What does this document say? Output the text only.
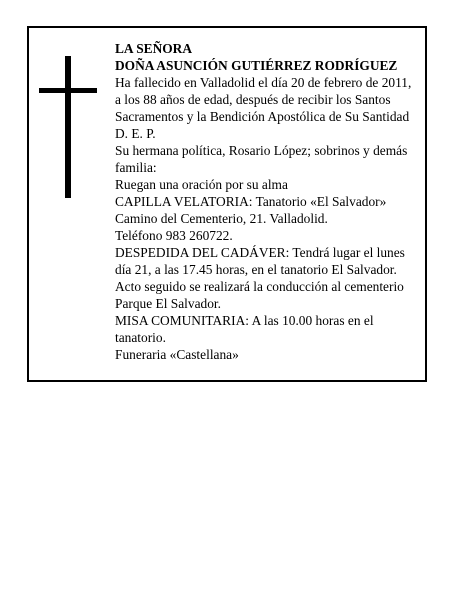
LA SEÑORA
DOÑA ASUNCIÓN GUTIÉRREZ RODRÍGUEZ
Ha fallecido en Valladolid el día 20 de febrero de 2011,
a los 88 años de edad, después de recibir los Santos
Sacramentos y la Bendición Apostólica de Su Santidad
D. E. P.
Su hermana política, Rosario López; sobrinos y demás
familia:
Ruegan una oración por su alma
CAPILLA VELATORIA: Tanatorio «El Salvador»
Camino del Cementerio, 21. Valladolid.
Teléfono 983 260722.
DESPEDIDA DEL CADÁVER: Tendrá lugar el lunes
día 21, a las 17.45 horas, en el tanatorio El Salvador.
Acto seguido se realizará la conducción al cementerio
Parque El Salvador.
MISA COMUNITARIA: A las 10.00 horas en el
tanatorio.
Funeraria «Castellana»
